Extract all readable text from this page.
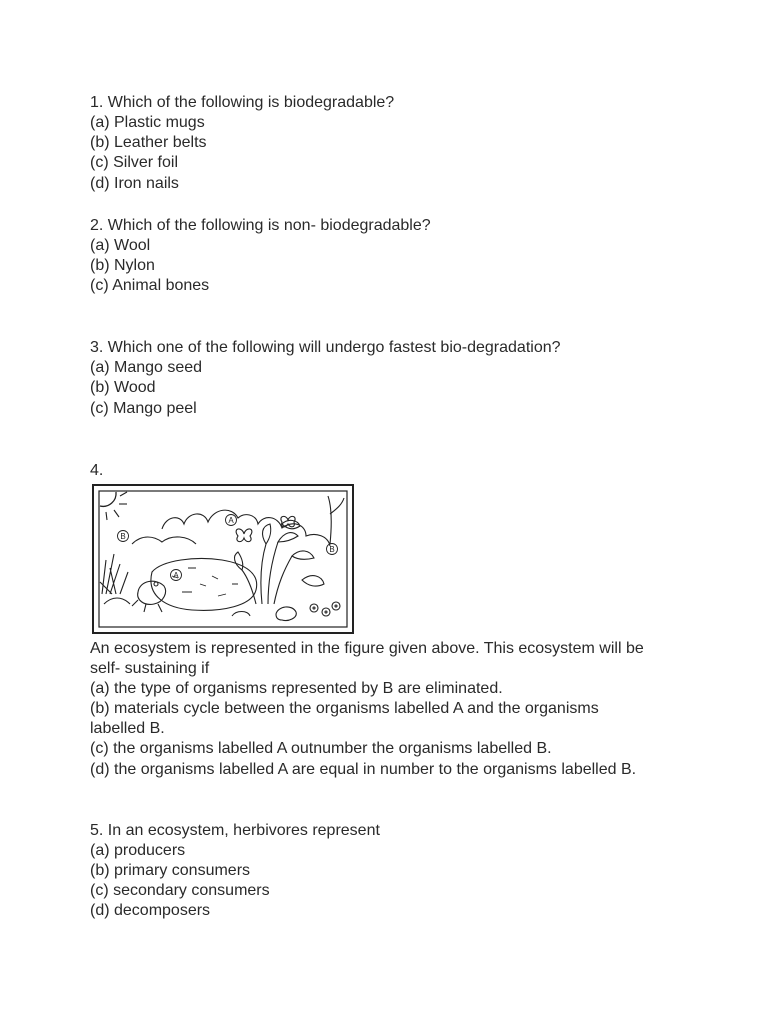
1. Which of the following is biodegradable?
(a) Plastic mugs
(b) Leather belts
(c) Silver foil
(d) Iron nails
2. Which of the following is non- biodegradable?
(a) Wool
(b) Nylon
(c) Animal bones
3. Which one of the following will undergo fastest bio-degradation?
(a) Mango seed
(b) Wood
(c) Mango peel
4.
A
B
A
B
An ecosystem is represented in the figure given above. This ecosystem will be
self- sustaining if
(a) the type of organisms represented by B are eliminated.
(b) materials cycle between the organisms labelled A and the organisms
labelled B.
(c) the organisms labelled A outnumber the organisms labelled B.
(d) the organisms labelled A are equal in number to the organisms labelled B.
5. In an ecosystem, herbivores represent
(a) producers
(b) primary consumers
(c) secondary consumers
(d) decomposers
